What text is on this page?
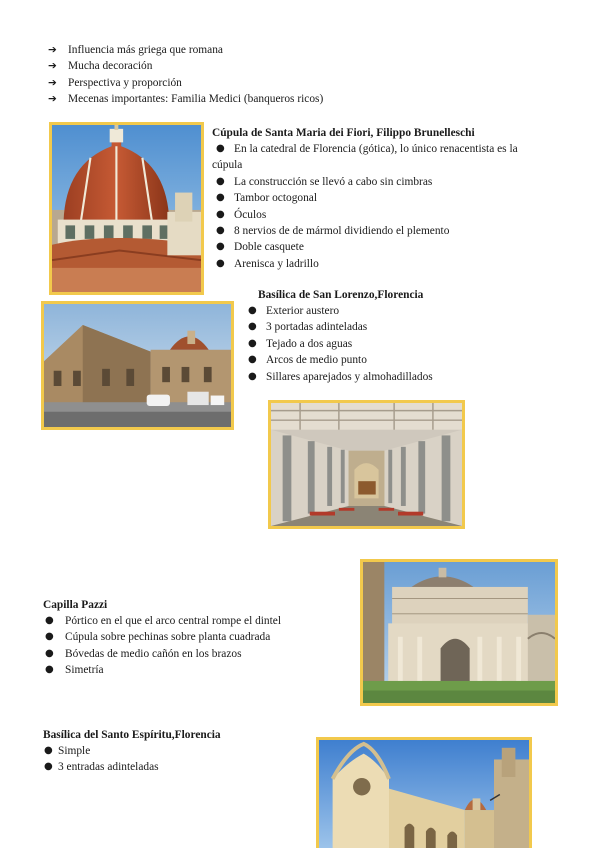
➔ Influencia más griega que romana
➔ Mucha decoración
➔ Perspectiva y proporción
➔ Mecenas importantes: Familia Medici (banqueros ricos)
Cúpula de Santa Maria dei Fiori, Filippo Brunelleschi
● En la catedral de Florencia (gótica), lo único renacentista es la
cúpula
● La construcción se llevó a cabo sin cimbras
● Tambor octogonal
● Óculos
● 8 nervios de de mármol dividiendo el plemento
● Doble casquete
● Arenisca y ladrillo
Basílica de San Lorenzo,Florencia
● Exterior austero
● 3 portadas adinteladas
● Tejado a dos aguas
● Arcos de medio punto
● Sillares aparejados y almohadillados
Capilla Pazzi
● Pórtico en el que el arco central rompe el dintel
● Cúpula sobre pechinas sobre planta cuadrada
● Bóvedas de medio cañón en los brazos
● Simetría
Basílica del Santo Espíritu,Florencia
● Simple
● 3 entradas adinteladas
